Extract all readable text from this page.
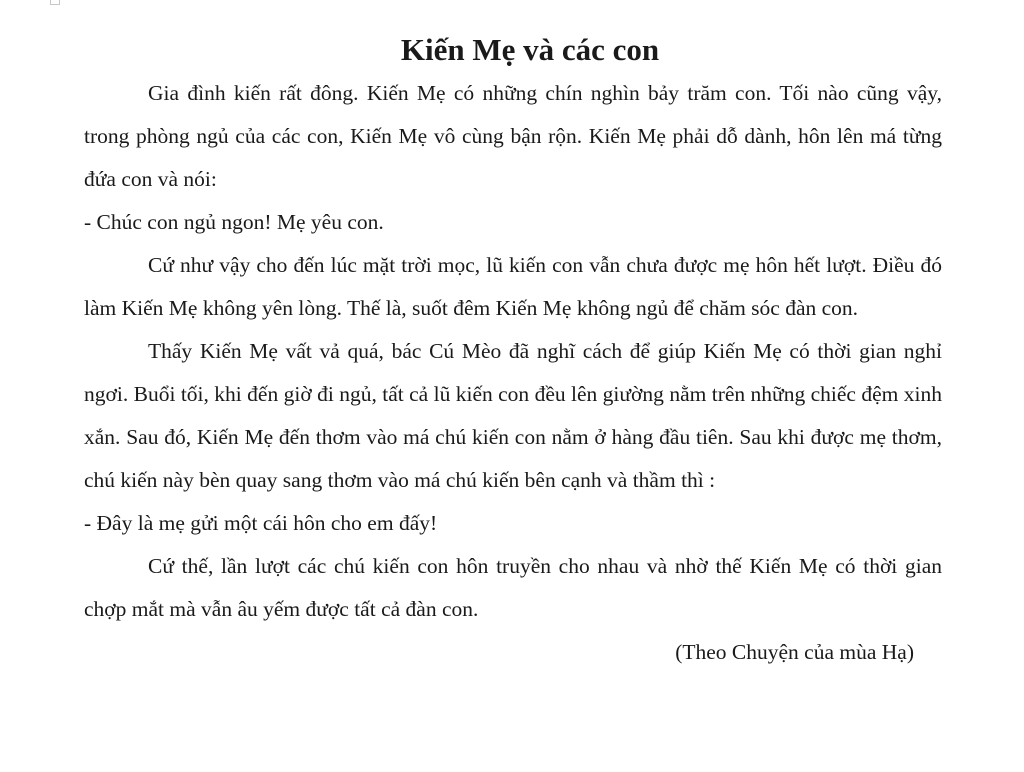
Kiến Mẹ và các con

Gia đình kiến rất đông. Kiến Mẹ có những chín nghìn bảy trăm con. Tối nào cũng vậy, trong phòng ngủ của các con, Kiến Mẹ vô cùng bận rộn. Kiến Mẹ phải dỗ dành, hôn lên má từng đứa con và nói:

- Chúc con ngủ ngon! Mẹ yêu con.

Cứ như vậy cho đến lúc mặt trời mọc, lũ kiến con vẫn chưa được mẹ hôn hết lượt. Điều đó làm Kiến Mẹ không yên lòng. Thế là, suốt đêm Kiến Mẹ không ngủ để chăm sóc đàn con.

Thấy Kiến Mẹ vất vả quá, bác Cú Mèo đã nghĩ cách để giúp Kiến Mẹ có thời gian nghỉ ngơi. Buổi tối, khi đến giờ đi ngủ, tất cả lũ kiến con đều lên giường nằm trên những chiếc đệm xinh xắn. Sau đó, Kiến Mẹ đến thơm vào má chú kiến con nằm ở hàng đầu tiên. Sau khi được mẹ thơm, chú kiến này bèn quay sang thơm vào má chú kiến bên cạnh và thầm thì :

- Đây là mẹ gửi một cái hôn cho em đấy!

Cứ thế, lần lượt các chú kiến con hôn truyền cho nhau và nhờ thế Kiến Mẹ có thời gian chợp mắt mà vẫn âu yếm được tất cả đàn con.

(Theo Chuyện của mùa Hạ)
